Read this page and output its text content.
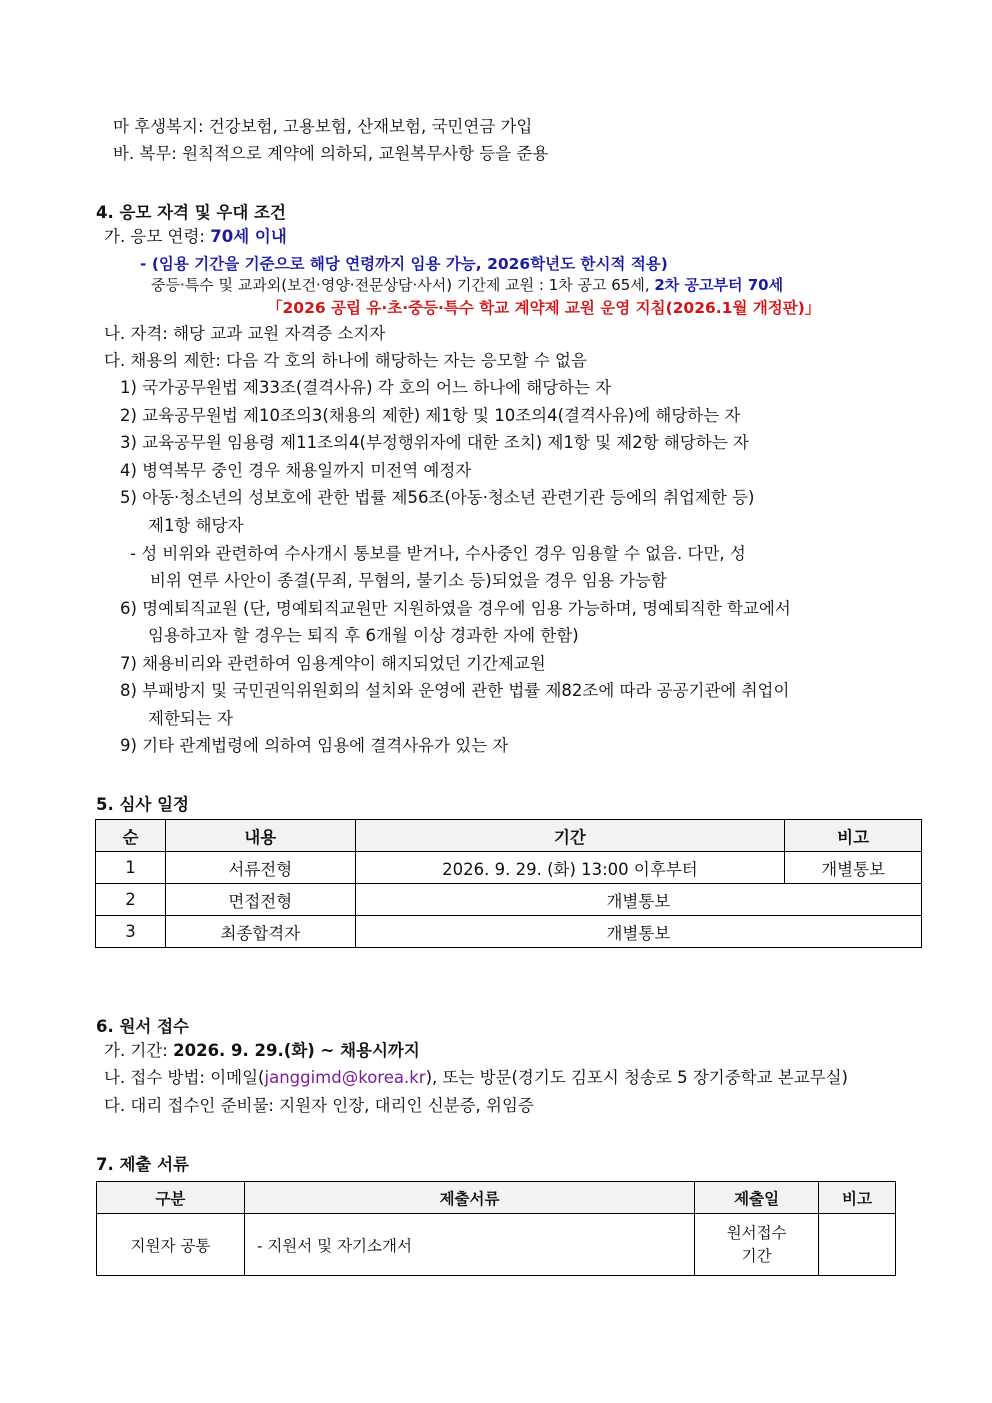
마 후생복지: 건강보험, 고용보험, 산재보험, 국민연금 가입
바. 복무: 원칙적으로 계약에 의하되, 교원복무사항 등을 준용
4. 응모 자격 및 우대 조건
가. 응모 연령: 70세 이내
- (임용 기간을 기준으로 해당 연령까지 임용 가능, 2026학년도 한시적 적용)
중등·특수 및 교과외(보건·영양·전문상담·사서) 기간제 교원 : 1차 공고 65세, 2차 공고부터 70세
「2026 공립 유·초·중등·특수 학교 계약제 교원 운영 지침(2026.1월 개정판)」
나. 자격: 해당 교과 교원 자격증 소지자
다. 채용의 제한: 다음 각 호의 하나에 해당하는 자는 응모할 수 없음
1) 국가공무원법 제33조(결격사유) 각 호의 어느 하나에 해당하는 자
2) 교육공무원법 제10조의3(채용의 제한) 제1항 및 10조의4(결격사유)에 해당하는 자
3) 교육공무원 임용령 제11조의4(부정행위자에 대한 조치) 제1항 및 제2항 해당하는 자
4) 병역복무 중인 경우 채용일까지 미전역 예정자
5) 아동·청소년의 성보호에 관한 법률 제56조(아동·청소년 관련기관 등에의 취업제한 등)
제1항 해당자
- 성 비위와 관련하여 수사개시 통보를 받거나, 수사중인 경우 임용할 수 없음. 다만, 성
비위 연루 사안이 종결(무죄, 무혐의, 불기소 등)되었을 경우 임용 가능함
6) 명예퇴직교원 (단, 명예퇴직교원만 지원하였을 경우에 임용 가능하며, 명예퇴직한 학교에서
임용하고자 할 경우는 퇴직 후 6개월 이상 경과한 자에 한함)
7) 채용비리와 관련하여 임용계약이 해지되었던 기간제교원
8) 부패방지 및 국민권익위원회의 설치와 운영에 관한 법률 제82조에 따라 공공기관에 취업이
제한되는 자
9) 기타 관계법령에 의하여 임용에 결격사유가 있는 자
5. 심사 일정
순	내용	기간	비고
1	서류전형	2026. 9. 29. (화) 13:00 이후부터	개별통보
2	면접전형	개별통보	
3	최종합격자	개별통보	
6. 원서 접수
가. 기간: 2026. 9. 29.(화) ~ 채용시까지
나. 접수 방법: 이메일(janggimd@korea.kr), 또는 방문(경기도 김포시 청송로 5 장기중학교 본교무실)
다. 대리 접수인 준비물: 지원자 인장, 대리인 신분증, 위임증
7. 제출 서류
구분	제출서류	제출일	비고
지원자 공통	- 지원서 및 자기소개서	원서접수
기간	
